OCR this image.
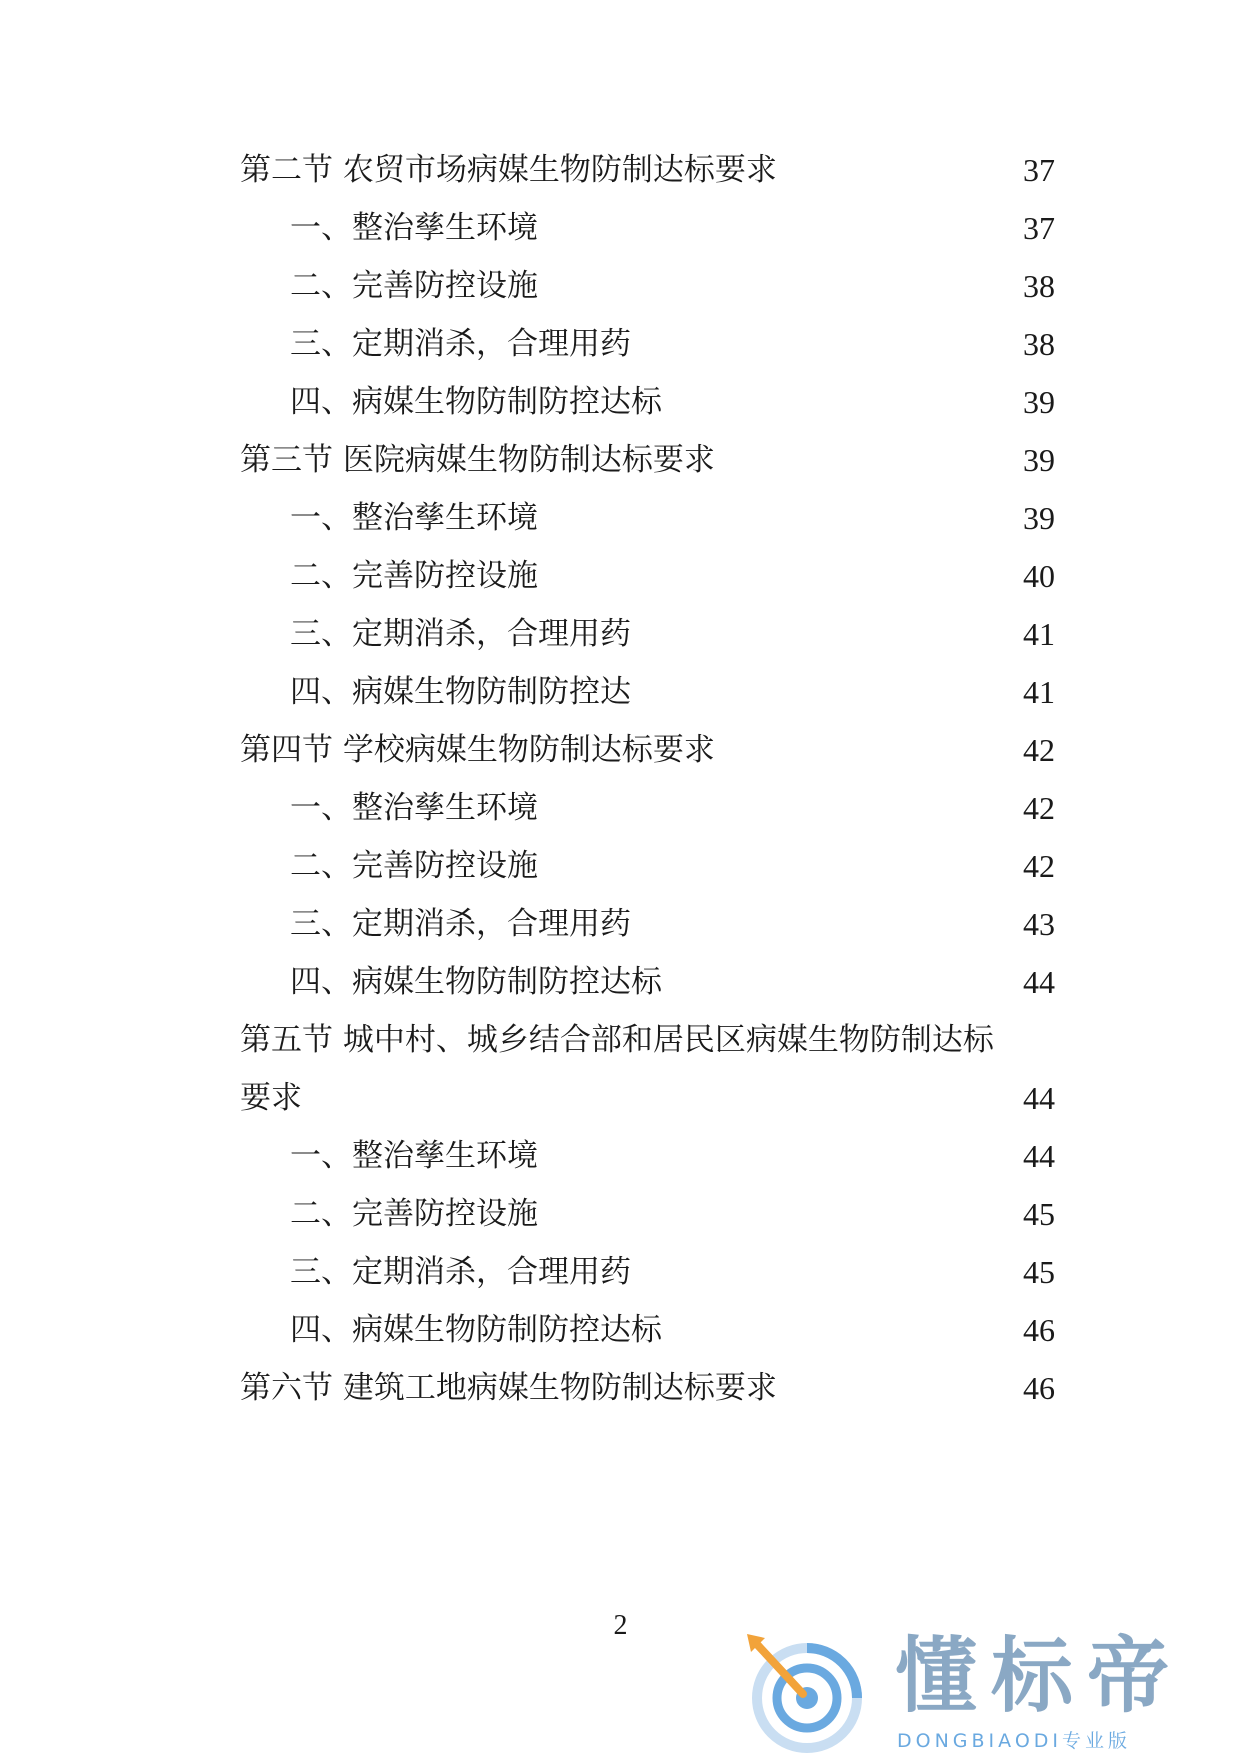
第二节 农贸市场病媒生物防制达标要求	37
一、整治孳生环境	37
二、完善防控设施	38
三、定期消杀，合理用药	38
四、病媒生物防制防控达标	39
第三节 医院病媒生物防制达标要求	39
一、整治孳生环境	39
二、完善防控设施	40
三、定期消杀，合理用药	41
四、病媒生物防制防控达	41
第四节 学校病媒生物防制达标要求	42
一、整治孳生环境	42
二、完善防控设施	42
三、定期消杀，合理用药	43
四、病媒生物防制防控达标	44
第五节 城中村、城乡结合部和居民区病媒生物防制达标
要求	44
一、整治孳生环境	44
二、完善防控设施	45
三、定期消杀，合理用药	45
四、病媒生物防制防控达标	46
第六节 建筑工地病媒生物防制达标要求	46
2
懂标帝
DONGBIAODI专业版
